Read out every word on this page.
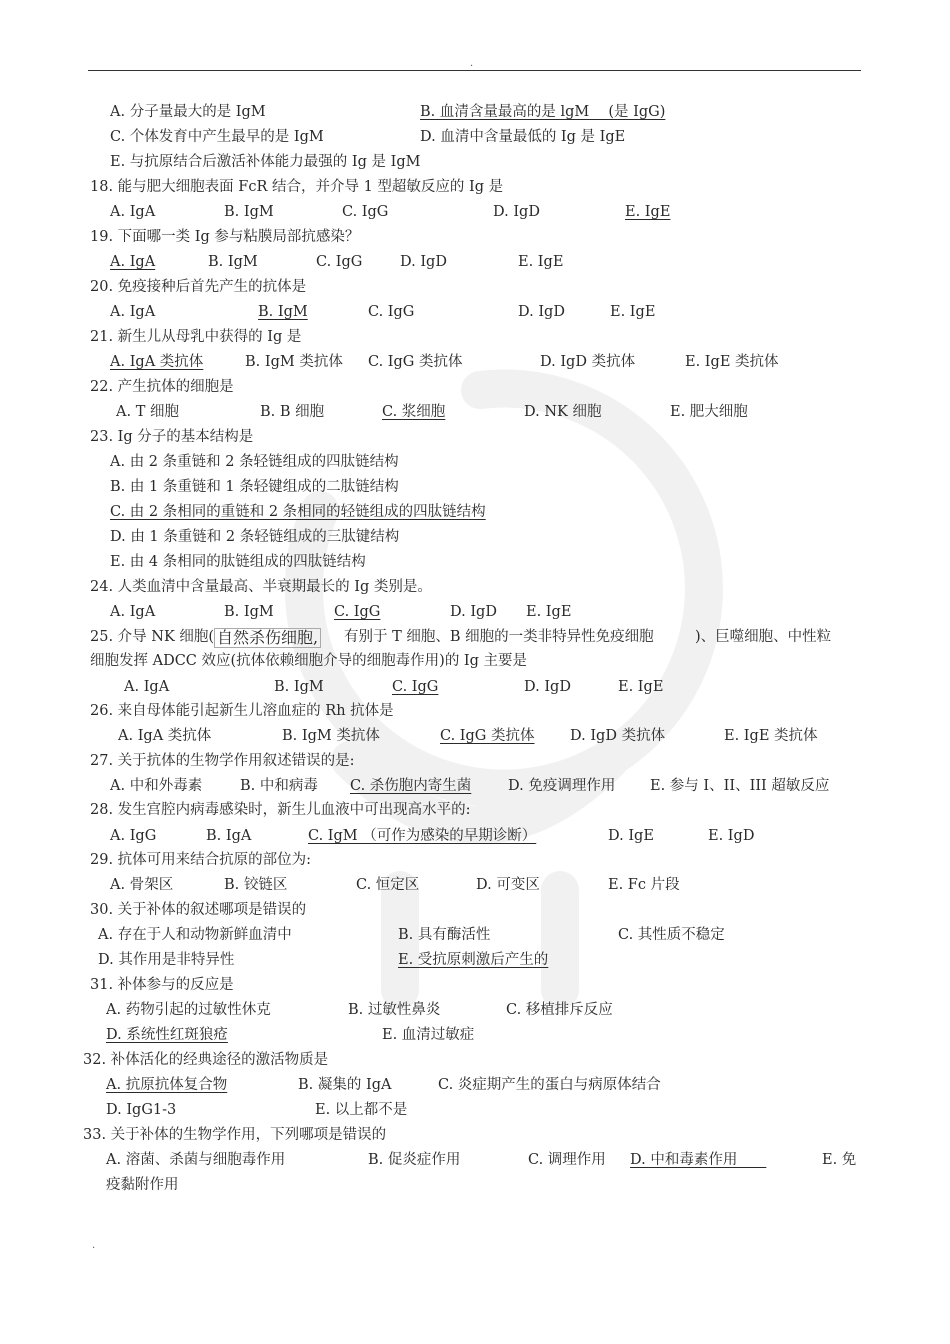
.
A. 分子量最大的是 IgM	B. 血清含量最高的是 lgM　 (是 IgG)
C. 个体发育中产生最早的是 IgM	D. 血清中含量最低的 Ig 是 IgE
E. 与抗原结合后激活补体能力最强的 Ig 是 IgM
18. 能与肥大细胞表面 FcR 结合，并介导 1 型超敏反应的 Ig 是
A. IgA	B. IgM	C. IgG	D. IgD	E. IgE
19. 下面哪一类 Ig 参与粘膜局部抗感染？
A. IgA	B. IgM	C. IgG	D. IgD	E. IgE
20. 免疫接种后首先产生的抗体是
A. IgA	B. IgM	C. IgG	D. IgD	E. IgE
21. 新生儿从母乳中获得的 Ig 是
A. IgA 类抗体	B. IgM 类抗体 C. IgG 类抗体	D. IgD 类抗体	E. IgE 类抗体
22. 产生抗体的细胞是
A. T 细胞	B. B 细胞	C. 浆细胞	D. NK 细胞	E. 肥大细胞
23. Ig 分子的基本结构是
A. 由 2 条重链和 2 条轻链组成的四肽链结构
B. 由 1 条重链和 1 条轻键组成的二肽链结构
C. 由 2 条相同的重链和 2 条相同的轻链组成的四肽链结构
D. 由 1 条重链和 2 条轻链组成的三肽键结构
E. 由 4 条相同的肽链组成的四肽链结构
24. 人类血清中含量最高、半衰期最长的 Ig 类别是。
A. IgA	B. IgM	C. IgG	D. IgD E. IgE
25. 介导 NK 细胞( 自然杀伤细胞, 有别于 T 细胞、B 细胞的一类非特异性免疫细胞	)、巨噬细胞、中性粒
细胞发挥 ADCC 效应(抗体依赖细胞介导的细胞毒作用)的 Ig 主要是
A. IgA	B. IgM	C. IgG	D. IgD	E. IgE
26. 来自母体能引起新生儿溶血症的 Rh 抗体是
A. IgA 类抗体	B. IgM 类抗体	C. IgG 类抗体 D. IgD 类抗体	E. IgE 类抗体
27. 关于抗体的生物学作用叙述错误的是:
A. 中和外毒素	B. 中和病毒 C. 杀伤胞内寄生菌	D. 免疫调理作用 E. 参与 I、II、III 超敏反应
28. 发生宫腔内病毒感染时，新生儿血液中可出现高水平的:
A. IgG	B. IgA	C. IgM （可作为感染的早期诊断）	D. IgE	E. IgD
29. 抗体可用来结合抗原的部位为:
A. 骨架区	B. 铰链区	C. 恒定区	D. 可变区	E. Fc 片段
30. 关于补体的叙述哪项是错误的
A. 存在于人和动物新鲜血清中	B. 具有酶活性	C. 其性质不稳定
D. 其作用是非特异性	E. 受抗原刺激后产生的
31. 补体参与的反应是
A. 药物引起的过敏性休克	B. 过敏性鼻炎	C. 移植排斥反应
D. 系统性红斑狼疮	E. 血清过敏症
32. 补体活化的经典途径的激活物质是
A. 抗原抗体复合物	B. 凝集的 IgA	C. 炎症期产生的蛋白与病原体结合
D. IgG1-3	E. 以上都不是
33. 关于补体的生物学作用，下列哪项是错误的
A. 溶菌、杀菌与细胞毒作用	B. 促炎症作用	C. 调理作用 D. 中和毒素作用　　	E. 免
疫黏附作用
.
